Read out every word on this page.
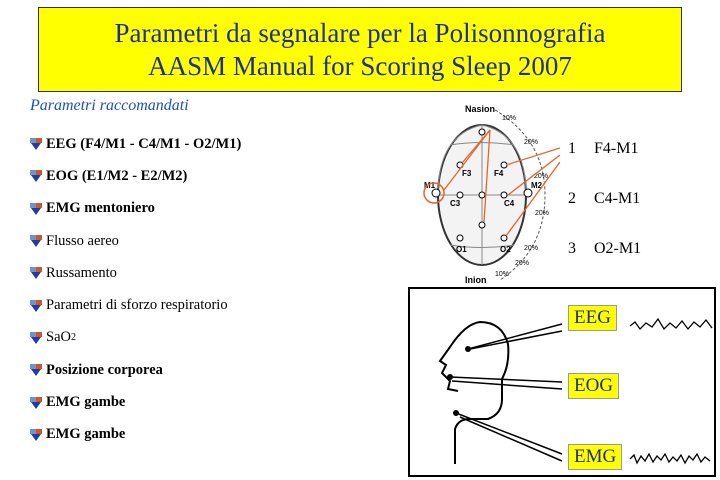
Parametri da segnalare per la Polisonnografia
AASM Manual for Scoring Sleep 2007
Parametri raccomandati
EEG (F4/M1 - C4/M1 - O2/M1)
EOG (E1/M2 - E2/M2)
EMG mentoniero
Flusso aereo
Russamento
Parametri di sforzo respiratorio
SaO 2
Posizione corporea
EMG gambe
EMG gambe
Nasion
Inion
10%
20%
20%
20%
20%
10%
20%
F3	F4
C3	C4
O1	O2
M1	M2
1	F4-M1
2	C4-M1
3	O2-M1
EEG
EOG
EMG
